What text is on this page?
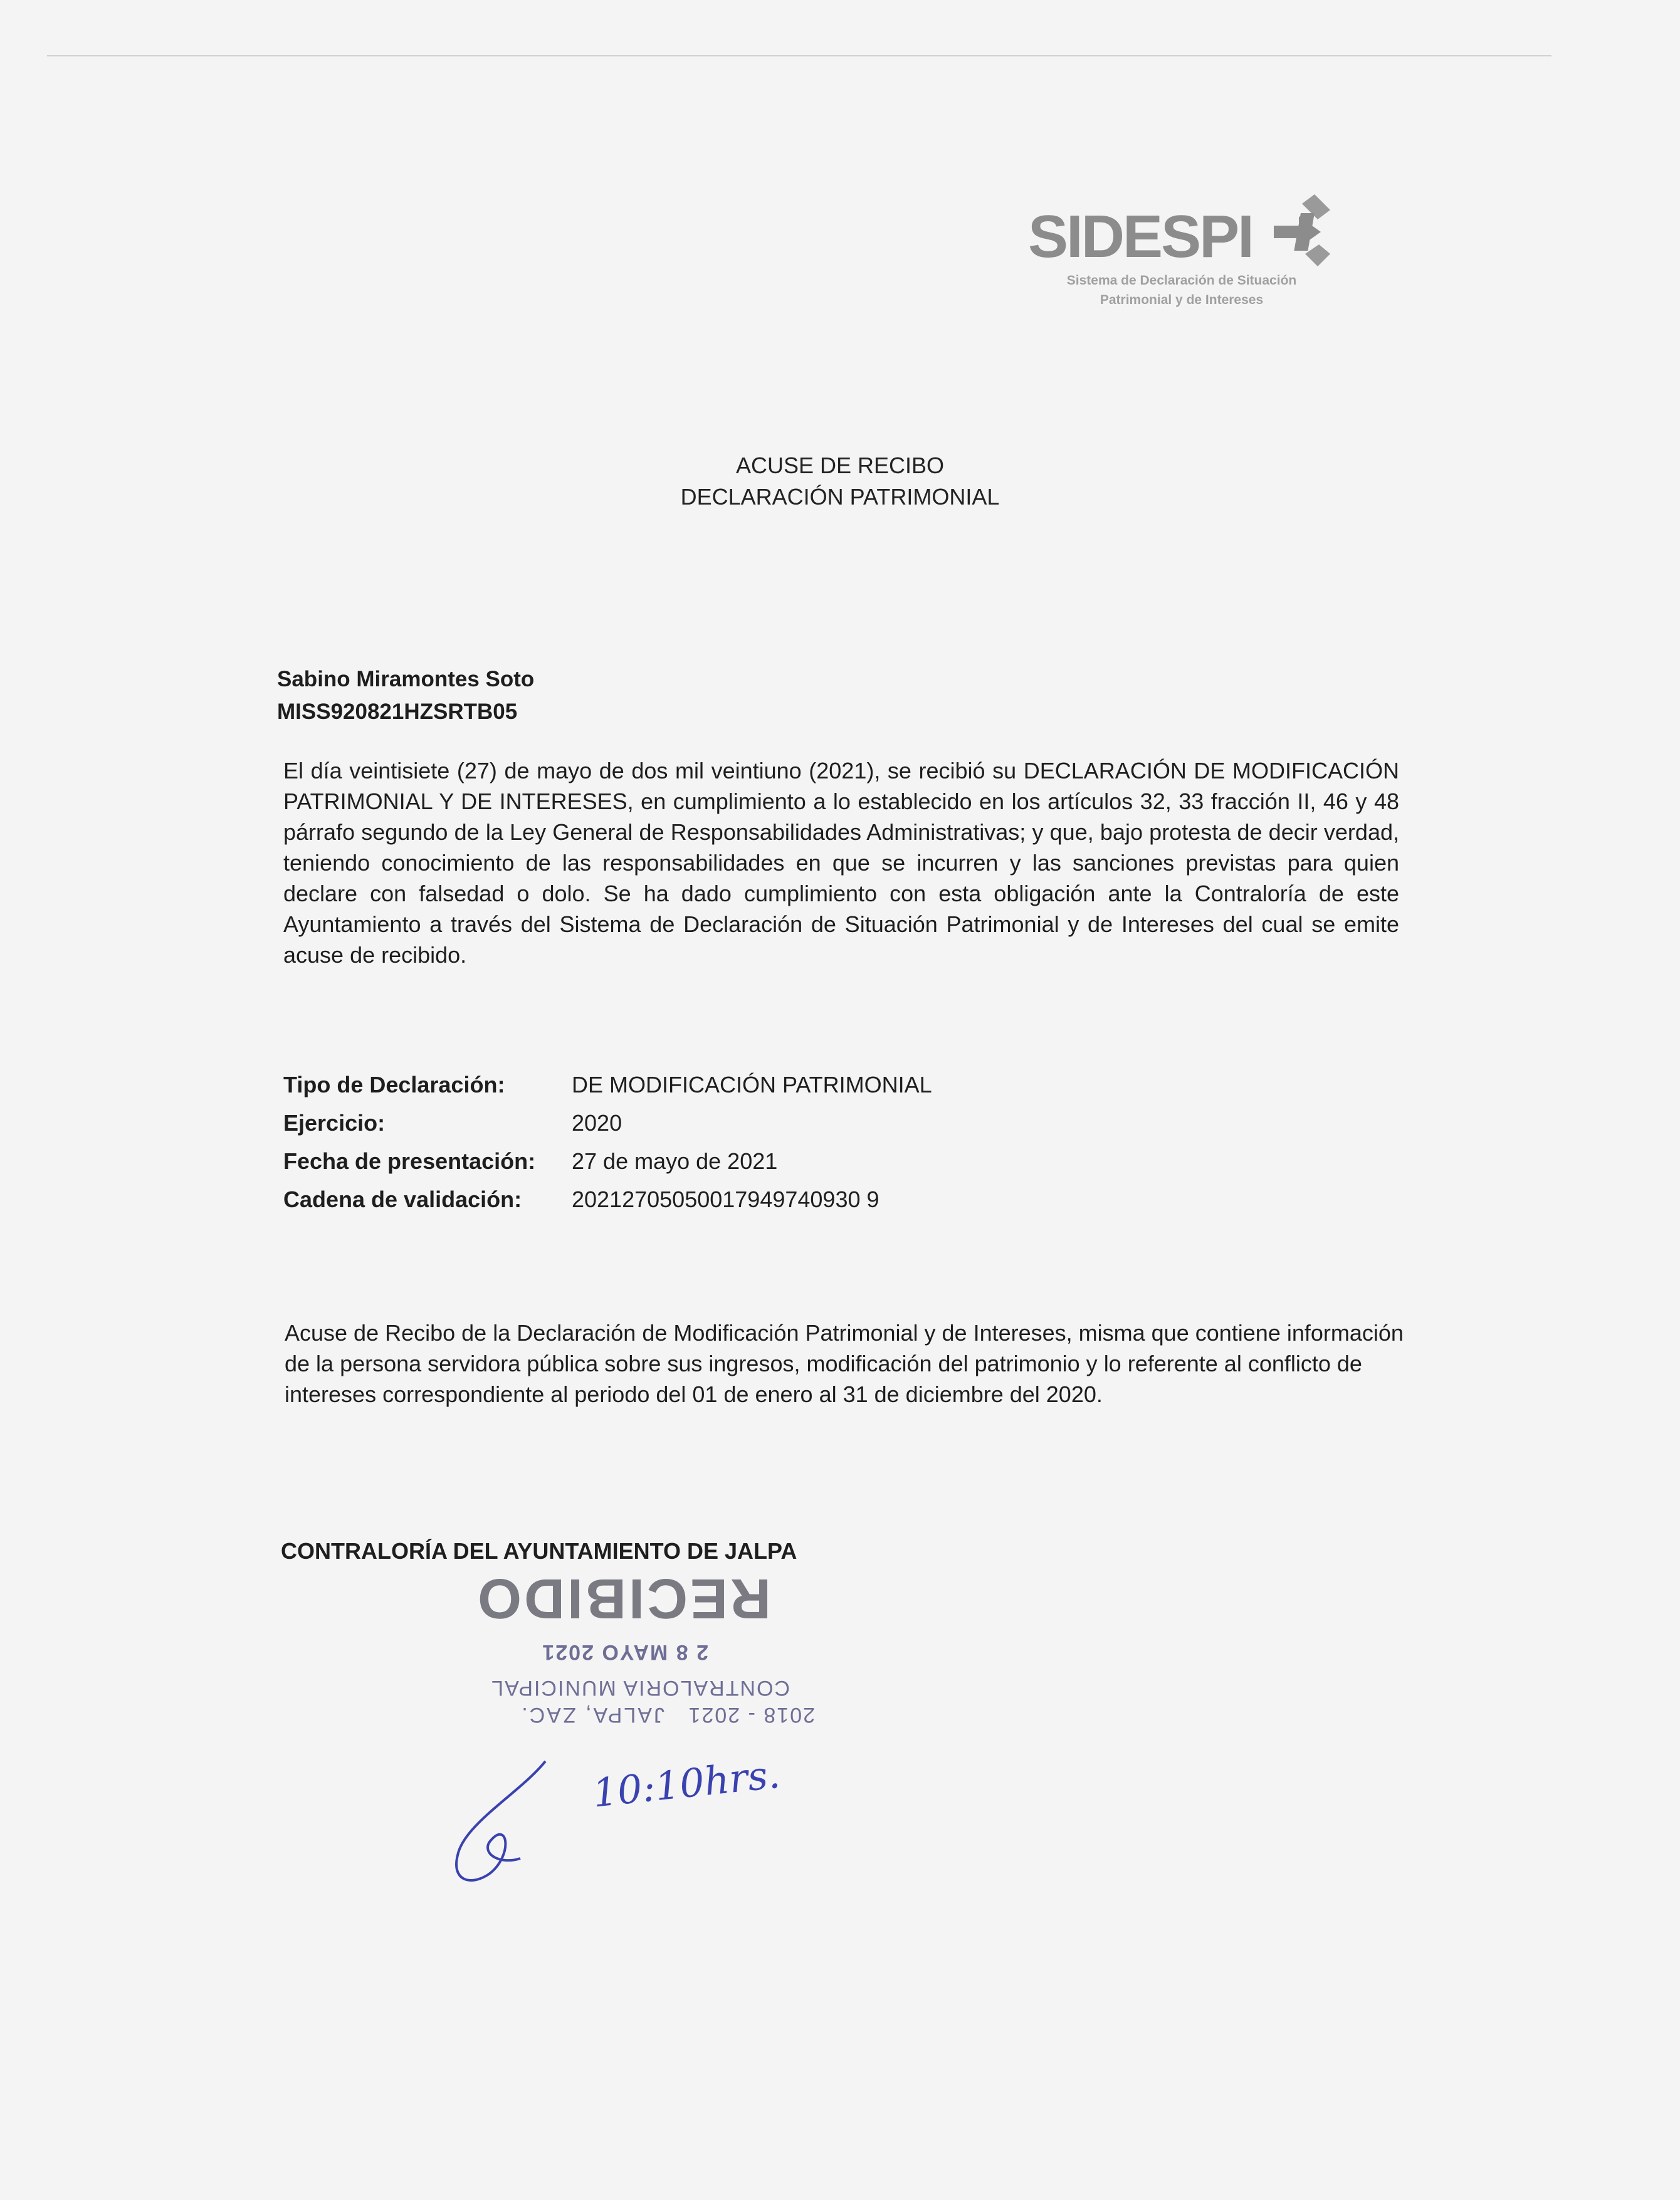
SIDESPI
Sistema de Declaración de Situación
Patrimonial y de Intereses
ACUSE DE RECIBO
DECLARACIÓN PATRIMONIAL
Sabino Miramontes Soto
MISS920821HZSRTB05
El día veintisiete (27) de mayo de dos mil veintiuno (2021), se recibió su DECLARACIÓN DE MODIFICACIÓN PATRIMONIAL Y DE INTERESES, en cumplimiento a lo establecido en los artículos 32, 33 fracción II, 46 y 48 párrafo segundo de la Ley General de Responsabilidades Administrativas; y que, bajo protesta de decir verdad, teniendo conocimiento de las responsabilidades en que se incurren y las sanciones previstas para quien declare con falsedad o dolo. Se ha dado cumplimiento con esta obligación ante la Contraloría de este Ayuntamiento a través del Sistema de Declaración de Situación Patrimonial y de Intereses del cual se emite acuse de recibido.
Tipo de Declaración:	DE MODIFICACIÓN PATRIMONIAL
Ejercicio:	2020
Fecha de presentación: 27 de mayo de 2021
Cadena de validación: 20212705050017949740930 9
Acuse de Recibo de la Declaración de Modificación Patrimonial y de Intereses, misma que contiene información de la persona servidora pública sobre sus ingresos, modificación del patrimonio y lo referente al conflicto de intereses correspondiente al periodo del 01 de enero al 31 de diciembre del 2020.
CONTRALORÍA DEL AYUNTAMIENTO DE JALPA
JALPA, ZAC. 2018 - 2021
CONTRALORIA MUNICIPAL
2 8 MAYO 2021
RECIBIDO
10:10hrs.
